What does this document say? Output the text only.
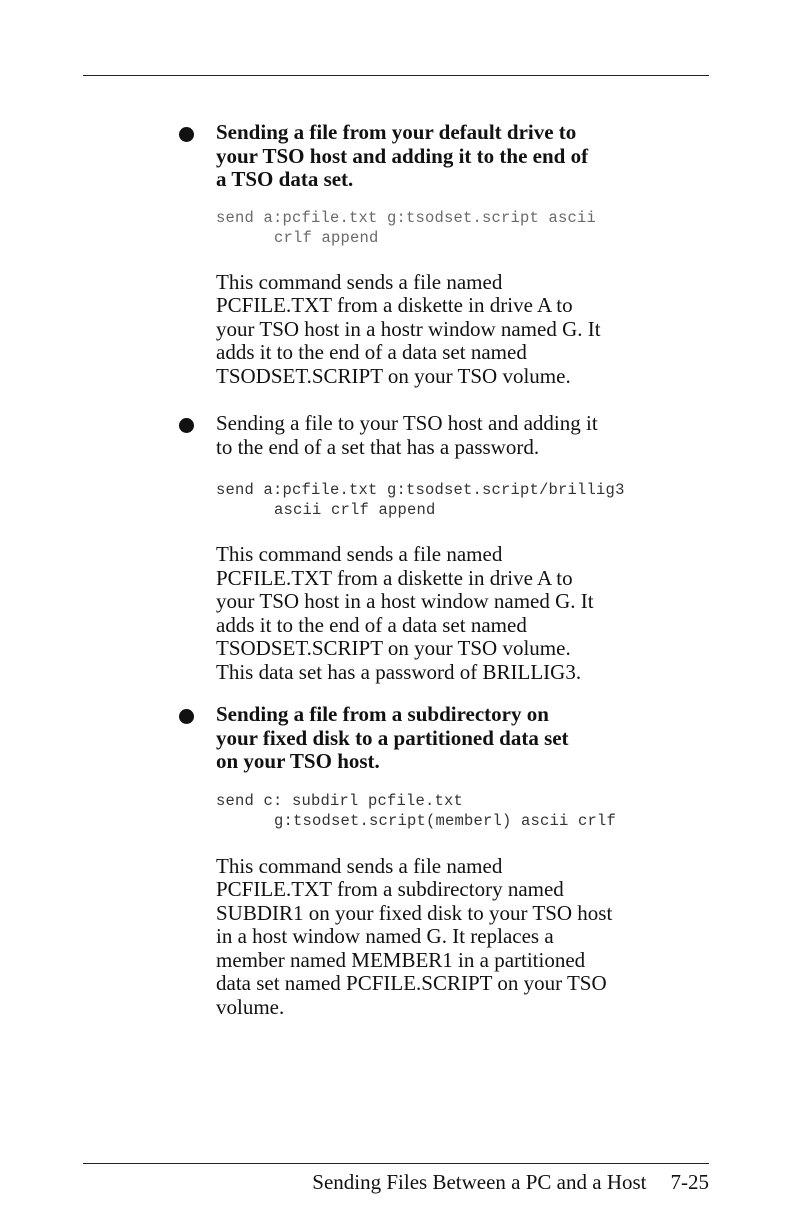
Sending a file from your default drive to
your TSO host and adding it to the end of
a TSO data set.

send a:pcfile.txt g:tsodset.script ascii
crlf append

This command sends a file named
PCFILE.TXT from a diskette in drive A to
your TSO host in a hostr window named G. It
adds it to the end of a data set named
TSODSET.SCRIPT on your TSO volume.

Sending a file to your TSO host and adding it
to the end of a set that has a password.

send a:pcfile.txt g:tsodset.script/brillig3
ascii crlf append

This command sends a file named
PCFILE.TXT from a diskette in drive A to
your TSO host in a host window named G. It
adds it to the end of a data set named
TSODSET.SCRIPT on your TSO volume.
This data set has a password of BRILLIG3.

Sending a file from a subdirectory on
your fixed disk to a partitioned data set
on your TSO host.

send c: subdirl pcfile.txt
g:tsodset.script(memberl) ascii crlf

This command sends a file named
PCFILE.TXT from a subdirectory named
SUBDIR1 on your fixed disk to your TSO host
in a host window named G. It replaces a
member named MEMBER1 in a partitioned
data set named PCFILE.SCRIPT on your TSO
volume.

Sending Files Between a PC and a Host 7-25
